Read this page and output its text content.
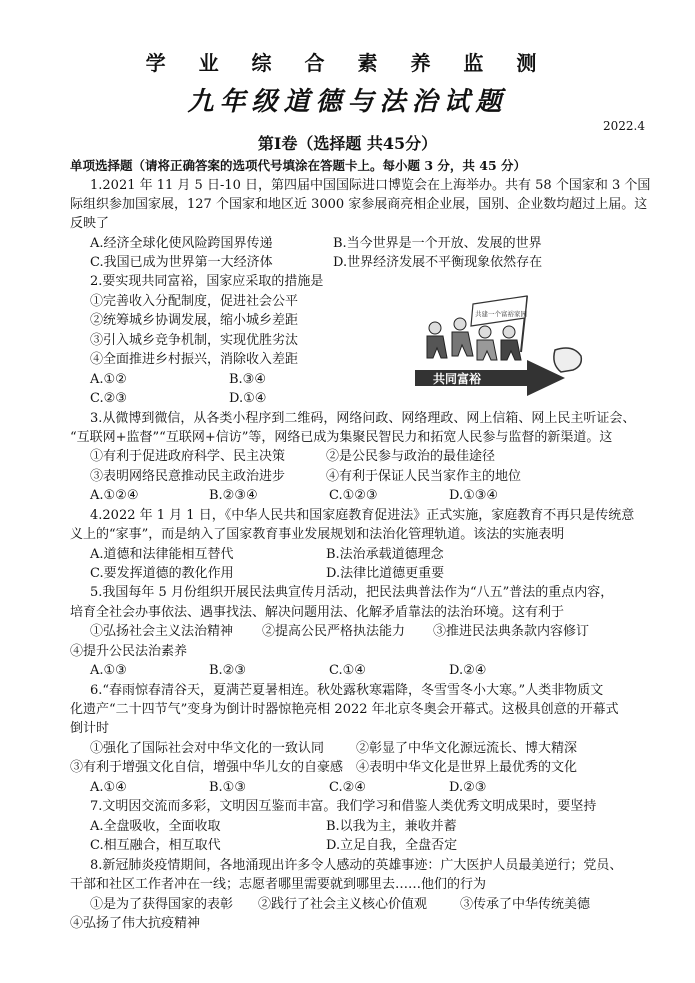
学 业 综 合 素 养 监 测
九年级道德与法治试题
2022.4
第Ⅰ卷（选择题 共45分）
单项选择题（请将正确答案的选项代号填涂在答题卡上。每小题 3 分，共 45 分）
1.2021 年 11 月 5 日-10 日，第四届中国国际进口博览会在上海举办。共有 58 个国家和 3 个国
际组织参加国家展，127 个国家和地区近 3000 家参展商亮相企业展，国别、企业数均超过上届。这
反映了
A.经济全球化使风险跨国界传递	B.当今世界是一个开放、发展的世界
C.我国已成为世界第一大经济体	D.世界经济发展不平衡现象依然存在
2.要实现共同富裕，国家应采取的措施是
①完善收入分配制度，促进社会公平
②统筹城乡协调发展，缩小城乡差距
③引入城乡竞争机制，实现优胜劣汰
④全面推进乡村振兴，消除收入差距
A.①②	B.③④
C.②③	D.①④
共同富裕
共建一个富裕家园
3.从微博到微信，从各类小程序到二维码，网络问政、网络理政、网上信箱、网上民主听证会、
“互联网+监督”“互联网+信访”等，网络已成为集聚民智民力和拓宽人民参与监督的新渠道。这
①有利于促进政府科学、民主决策	②是公民参与政治的最佳途径
③表明网络民意推动民主政治进步	④有利于保证人民当家作主的地位
A.①②④	B.②③④	C.①②③	D.①③④
4.2022 年 1 月 1 日，《中华人民共和国家庭教育促进法》正式实施，家庭教育不再只是传统意
义上的“家事”，而是纳入了国家教育事业发展规划和法治化管理轨道。该法的实施表明
A.道德和法律能相互替代	B.法治承载道德理念
C.要发挥道德的教化作用	D.法律比道德更重要
5.我国每年 5 月份组织开展民法典宣传月活动，把民法典普法作为“八五”普法的重点内容，
培育全社会办事依法、遇事找法、解决问题用法、化解矛盾靠法的法治环境。这有利于
①弘扬社会主义法治精神 ②提高公民严格执法能力 ③推进民法典条款内容修订
④提升公民法治素养
A.①③	B.②③	C.①④	D.②④
6.“春雨惊春清谷天，夏满芒夏暑相连。秋处露秋寒霜降，冬雪雪冬小大寒。”人类非物质文
化遗产“二十四节气”变身为倒计时器惊艳亮相 2022 年北京冬奥会开幕式。这极具创意的开幕式
倒计时
①强化了国际社会对中华文化的一致认同 ②彰显了中华文化源远流长、博大精深
③有利于增强文化自信，增强中华儿女的自豪感 ④表明中华文化是世界上最优秀的文化
A.①④	B.①③	C.②④	D.②③
7.文明因交流而多彩，文明因互鉴而丰富。我们学习和借鉴人类优秀文明成果时，要坚持
A.全盘吸收，全面收取	B.以我为主，兼收并蓄
C.相互融合，相互取代	D.立足自我，全盘否定
8.新冠肺炎疫情期间，各地涌现出许多令人感动的英雄事迹：广大医护人员最美逆行；党员、
干部和社区工作者冲在一线；志愿者哪里需要就到哪里去……他们的行为
①是为了获得国家的表彰 ②践行了社会主义核心价值观	③传承了中华传统美德
④弘扬了伟大抗疫精神
